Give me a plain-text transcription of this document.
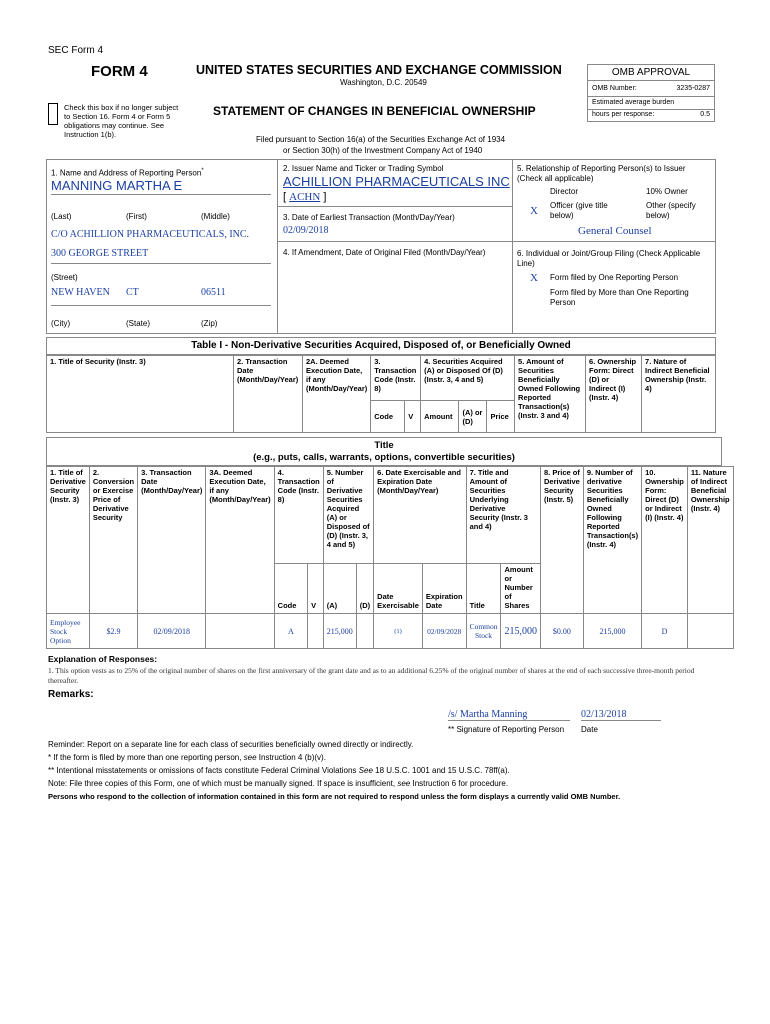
SEC Form 4
FORM 4	UNITED STATES SECURITIES AND EXCHANGE COMMISSION
Washington, D.C. 20549
Check this box if no longer subject to Section 16. Form 4 or Form 5 obligations may continue. See Instruction 1(b).
STATEMENT OF CHANGES IN BENEFICIAL OWNERSHIP
Filed pursuant to Section 16(a) of the Securities Exchange Act of 1934
or Section 30(h) of the Investment Company Act of 1940
OMB APPROVAL
OMB Number:	3235-0287
Estimated average burden
hours per response:	0.5
1. Name and Address of Reporting Person*
MANNING MARTHA E
(Last)	(First)	(Middle)
C/O ACHILLION PHARMACEUTICALS, INC.
300 GEORGE STREET
(Street)
NEW HAVEN CT	06511
(City)	(State)	(Zip)
2. Issuer Name and Ticker or Trading Symbol
ACHILLION PHARMACEUTICALS INC
[ ACHN ]
3. Date of Earliest Transaction (Month/Day/Year)
02/09/2018
4. If Amendment, Date of Original Filed (Month/Day/Year)
5. Relationship of Reporting Person(s) to Issuer
(Check all applicable)
Director	10% Owner
X Officer (give title below)
Other (specify below)
General Counsel
6. Individual or Joint/Group Filing (Check Applicable Line)
X Form filed by One Reporting Person
Form filed by More than One Reporting Person
Table I - Non-Derivative Securities Acquired, Disposed of, or Beneficially Owned
1. Title of Security (Instr. 3)	2. Transaction Date (Month/Day/Year)	2A. Deemed Execution Date, if any (Month/Day/Year)	3. Transaction Code (Instr. 8)		4. Securities Acquired (A) or Disposed Of (D) (Instr. 3, 4 and 5)			5. Amount of Securities Beneficially Owned Following Reported Transaction(s) (Instr. 3 and 4)	6. Ownership Form: Direct (D) or Indirect (I) (Instr. 4)	7. Nature of Indirect Beneficial Ownership (Instr. 4)
			Code	V	Amount	(A) or (D)	Price			
Title
(e.g., puts, calls, warrants, options, convertible securities)
1. Title of Derivative Security (Instr. 3)	2. Conversion or Exercise Price of Derivative Security	3. Transaction Date (Month/Day/Year)	3A. Deemed Execution Date, if any (Month/Day/Year)	4. Transaction Code (Instr. 8)		5. Number of Derivative Securities Acquired (A) or Disposed of (D) (Instr. 3, 4 and 5)		6. Date Exercisable and Expiration Date (Month/Day/Year)		7. Title and Amount of Securities Underlying Derivative Security (Instr. 3 and 4)		8. Price of Derivative Security (Instr. 5)	9. Number of derivative Securities Beneficially Owned Following Reported Transaction(s) (Instr. 4)	10. Ownership Form: Direct (D) or Indirect (I) (Instr. 4)	11. Nature of Indirect Beneficial Ownership (Instr. 4)
				Code	V	(A)	(D)	Date Exercisable	Expiration Date	Title	Amount or Number of Shares				
Employee Stock Option	$2.9	02/09/2018		A		215,000		(1)	02/09/2028	Common Stock	215,000	$0.00	215,000	D	
Explanation of Responses:
1. This option vests as to 25% of the original number of shares on the first anniversary of the grant date and as to an additional 6.25% of the original number of shares at the end of each successive three-month period thereafter.
Remarks:
/s/ Martha Manning	02/13/2018
** Signature of Reporting Person Date
Reminder: Report on a separate line for each class of securities beneficially owned directly or indirectly.
* If the form is filed by more than one reporting person, see Instruction 4 (b)(v).
** Intentional misstatements or omissions of facts constitute Federal Criminal Violations See 18 U.S.C. 1001 and 15 U.S.C. 78ff(a).
Note: File three copies of this Form, one of which must be manually signed. If space is insufficient, see Instruction 6 for procedure.
Persons who respond to the collection of information contained in this form are not required to respond unless the form displays a currently valid OMB Number.
